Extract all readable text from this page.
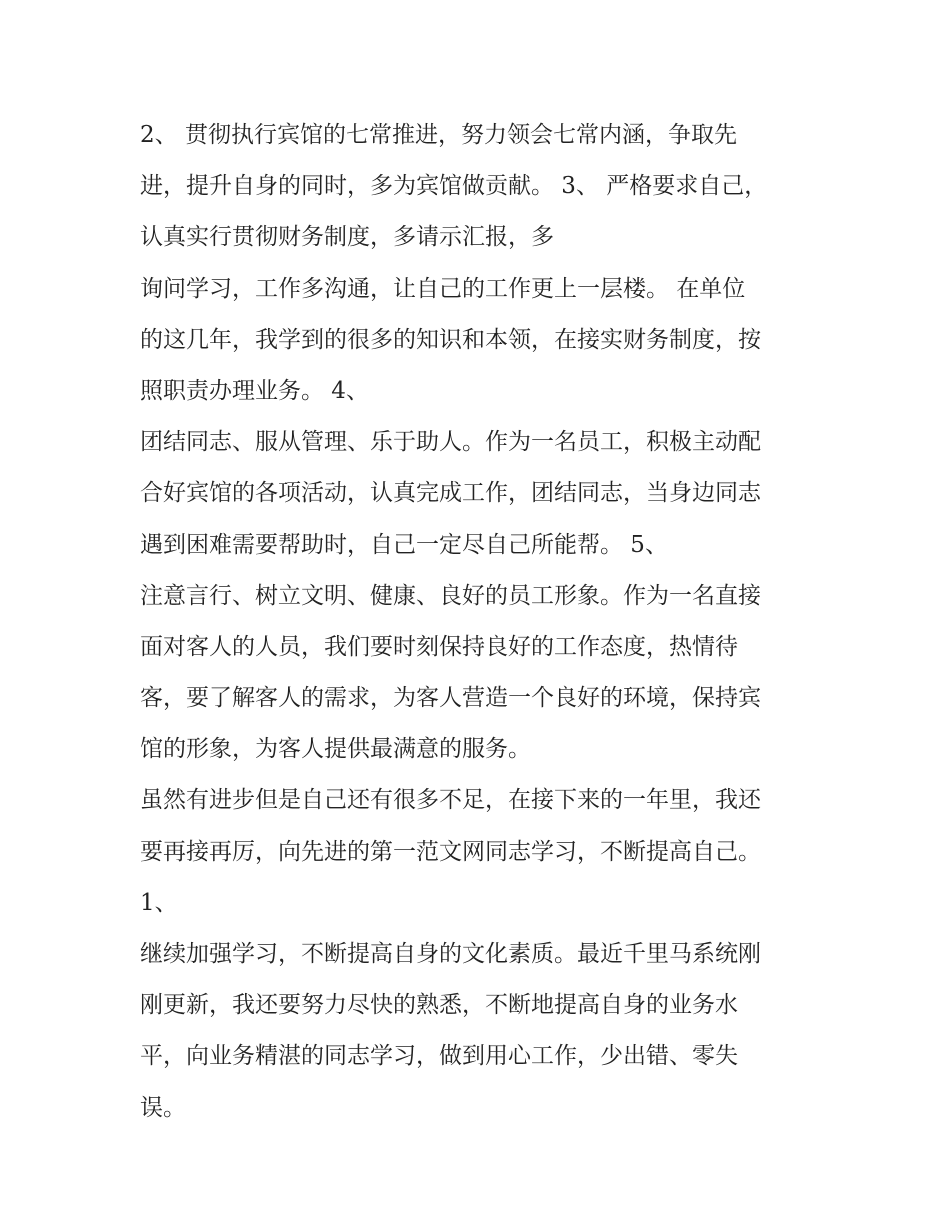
2、 贯彻执行宾馆的七常推进，努力领会七常内涵，争取先
进，提升自身的同时，多为宾馆做贡献。 3、 严格要求自己，
认真实行贯彻财务制度，多请示汇报，多
询问学习，工作多沟通，让自己的工作更上一层楼。 在单位
的这几年，我学到的很多的知识和本领，在接实财务制度，按
照职责办理业务。 4、
团结同志、服从管理、乐于助人。作为一名员工，积极主动配
合好宾馆的各项活动，认真完成工作，团结同志，当身边同志
遇到困难需要帮助时，自己一定尽自己所能帮。 5、
注意言行、树立文明、健康、良好的员工形象。作为一名直接
面对客人的人员，我们要时刻保持良好的工作态度，热情待
客，要了解客人的需求，为客人营造一个良好的环境，保持宾
馆的形象，为客人提供最满意的服务。
虽然有进步但是自己还有很多不足，在接下来的一年里，我还
要再接再厉，向先进的第一范文网同志学习，不断提高自己。
1、
继续加强学习，不断提高自身的文化素质。最近千里马系统刚
刚更新，我还要努力尽快的熟悉，不断地提高自身的业务水
平，向业务精湛的同志学习，做到用心工作，少出错、零失
误。
